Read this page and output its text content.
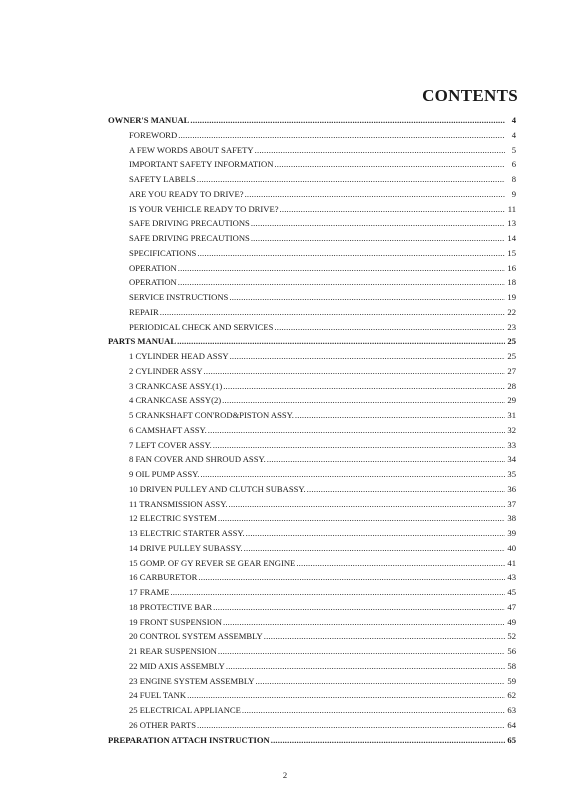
CONTENTS
OWNER'S MANUAL .....	4
FOREWORD .....	4
A FEW WORDS ABOUT SAFETY .....	5
IMPORTANT SAFETY INFORMATION .....	6
SAFETY LABELS .....	8
ARE YOU READY TO DRIVE? .....	9
IS YOUR VEHICLE READY TO DRIVE? .....	11
SAFE DRIVING PRECAUTIONS .....	13
SAFE DRIVING PRECAUTIONS .....	14
SPECIFICATIONS .....	15
OPERATION .....	16
OPERATION .....	18
SERVICE INSTRUCTIONS .....	19
REPAIR .....	22
PERIODICAL CHECK AND SERVICES .....	23
PARTS MANUAL .....	25
1 CYLINDER HEAD ASSY .....	25
2 CYLINDER ASSY .....	27
3 CRANKCASE ASSY.(1) .....	28
4 CRANKCASE ASSY(2) .....	29
5 CRANKSHAFT CON'ROD&PISTON ASSY. .....	31
6 CAMSHAFT ASSY. .....	32
7 LEFT COVER ASSY. .....	33
8 FAN COVER AND SHROUD ASSY. .....	34
9 OIL PUMP ASSY. .....	35
10 DRIVEN PULLEY AND CLUTCH SUBASSY. .....	36
11 TRANSMISSION ASSY. .....	37
12 ELECTRIC SYSTEM .....	38
13 ELECTRIC STARTER ASSY. .....	39
14 DRIVE PULLEY SUBASSY. .....	40
15 GOMP. OF GY REVER SE GEAR ENGINE .....	41
16 CARBURETOR .....	43
17 FRAME .....	45
18 PROTECTIVE BAR .....	47
19 FRONT SUSPENSION .....	49
20 CONTROL SYSTEM ASSEMBLY .....	52
21 REAR SUSPENSION .....	56
22 MID AXIS ASSEMBLY .....	58
23 ENGINE SYSTEM ASSEMBLY .....	59
24 FUEL TANK .....	62
25 ELECTRICAL APPLIANCE .....	63
26 OTHER PARTS .....	64
PREPARATION ATTACH INSTRUCTION .....	65
2
